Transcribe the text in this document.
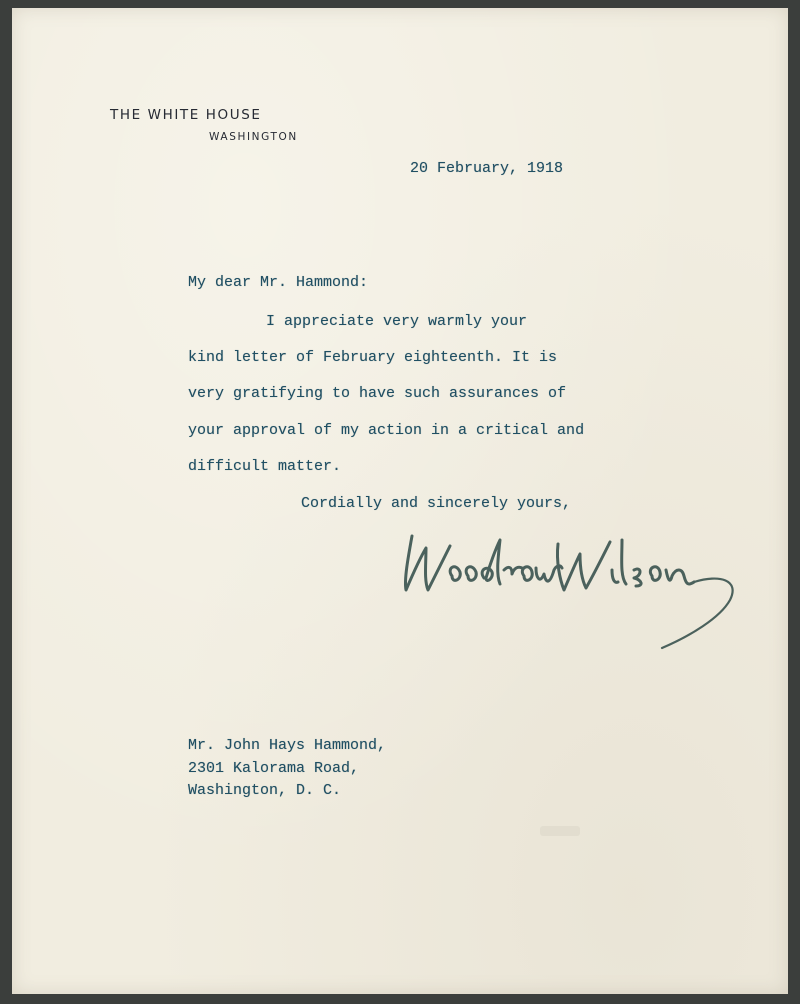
THE WHITE HOUSE
WASHINGTON
20 February, 1918
My dear Mr. Hammond:
I appreciate very warmly your
kind letter of February eighteenth. It is
very gratifying to have such assurances of
your approval of my action in a critical and
difficult matter.
Cordially and sincerely yours,
Mr. John Hays Hammond,
2301 Kalorama Road,
Washington, D. C.
